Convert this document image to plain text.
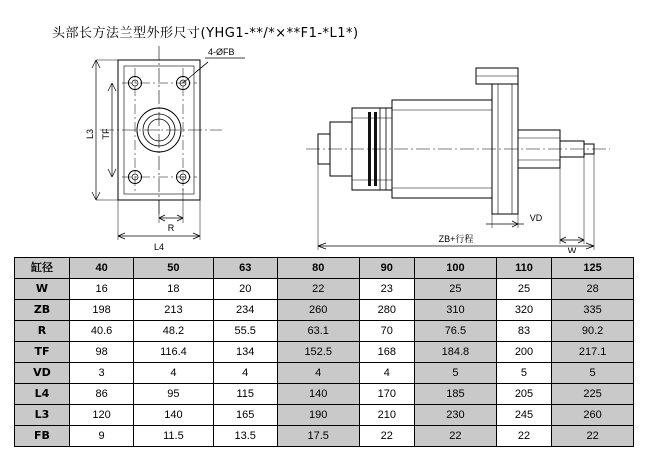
头部长方法兰型外形尺寸(YHG1-**/*×**F1-*L1*)
4-ØFB
L3 TF
R
L4
VD
W
ZB+行程
缸径	40	50	63	80	90	100	110	125
W	16	18	20	22	23	25	25	28
ZB	198	213	234	260	280	310	320	335
R	40.6	48.2	55.5	63.1	70	76.5	83	90.2
TF	98	116.4	134	152.5	168	184.8	200	217.1
VD	3	4	4	4	4	5	5	5
L4	86	95	115	140	170	185	205	225
L3	120	140	165	190	210	230	245	260
FB	9	11.5	13.5	17.5	22	22	22	22
